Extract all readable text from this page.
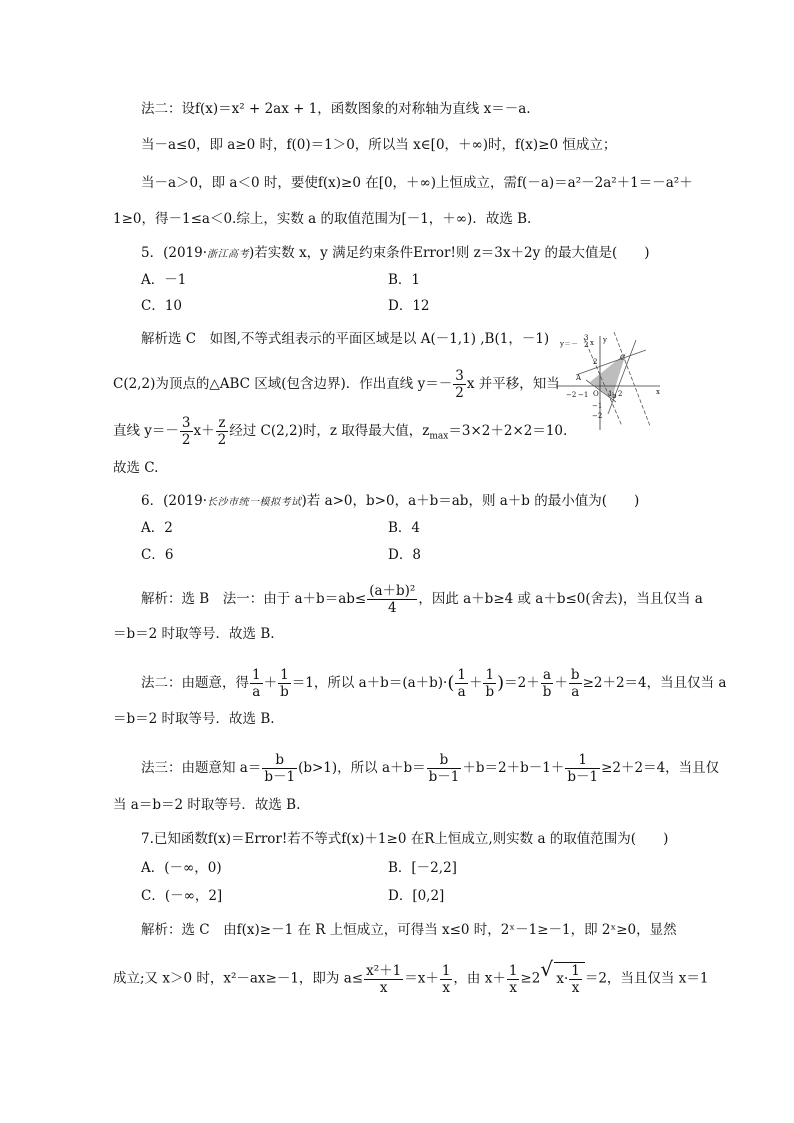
法二：设f(x)＝x² + 2ax + 1，函数图象的对称轴为直线 x＝－a.
当－a≤0，即 a≥0 时，f(0)＝1＞0，所以当 x∈[0，＋∞)时，f(x)≥0 恒成立；
当－a＞0，即 a＜0 时，要使f(x)≥0 在[0，＋∞)上恒成立，需f(－a)＝a²－2a²＋1＝－a²＋
1≥0，得－1≤a＜0.综上，实数 a 的取值范围为[－1，＋∞)．故选 B.
5．(2019·浙江高考)若实数 x，y 满足约束条件Error!则 z＝3x＋2y 的最大值是(　　)
A．－1	B．1
C．10	D．12
解析选 C　如图,不等式组表示的平面区域是以 A(－1,1) ,B(1，－1)
C(2,2)为顶点的△ABC 区域(包含边界)．作出直线 $y=- \frac{3}{2}$ x 并平移，知当
直线 $y=- \frac{3}{2} x+ \frac{z}{2}$ 经过 C(2,2)时，z 取得最大值，$z_{max}=3\times 2+2\times 2=10$.
故选 C.
y＝－
3
2 x y
2	C
A
−2 −1 O 1 b 2	x
−1
−2
6．(2019·长沙市统一模拟考试)若 a>0，b>0，a＋b＝ab，则 a＋b 的最小值为(　　)
A．2	B．4
C．6	D．8
解析：选 B　法一：由于 $a+b=ab\le \frac{\text{(a＋b)²}}{4}$ ，因此 a＋b≥4 或 a＋b≤0(舍去)，当且仅当 a
＝b＝2 时取等号．故选 B.
法二：由题意，得 $\frac{1}{a} + \frac{1}{b} =1$，所以 $a+b=(a+b)\cdot( \frac{1}{a} + \frac{1}{b} )=2+ \frac{a}{b} + \frac{b}{a} \ge 2+2=4$，当且仅当 a
＝b＝2 时取等号．故选 B.
法三：由题意知 $a= \frac{b}{b-1} (b>1)$，所以 $a+b= \frac{b}{b-1} +b=2+b-1+ \frac{1}{b-1} \ge 2+2=4$，当且仅
当 a＝b＝2 时取等号．故选 B.
7.已知函数f(x)＝Error!若不等式f(x)＋1≥0 在R上恒成立,则实数 a 的取值范围为(　　)
A．(－∞，0)	B．[－2,2]
C．(－∞，2]	D．[0,2]
解析：选 C　由f(x)≥－1 在 R 上恒成立，可得当 x≤0 时，2ˣ－1≥－1，即 2ˣ≥0，显然
成立;又 x＞0 时，x²－ax≥－1，即为 $a\le \frac{\text{x²＋1}}{x} =x+ \frac{1}{x}$ ，由 $x+ \frac{1}{x} \ge 2√$ $x\cdot \frac{1}{x} =2$，当且仅当 x＝1
